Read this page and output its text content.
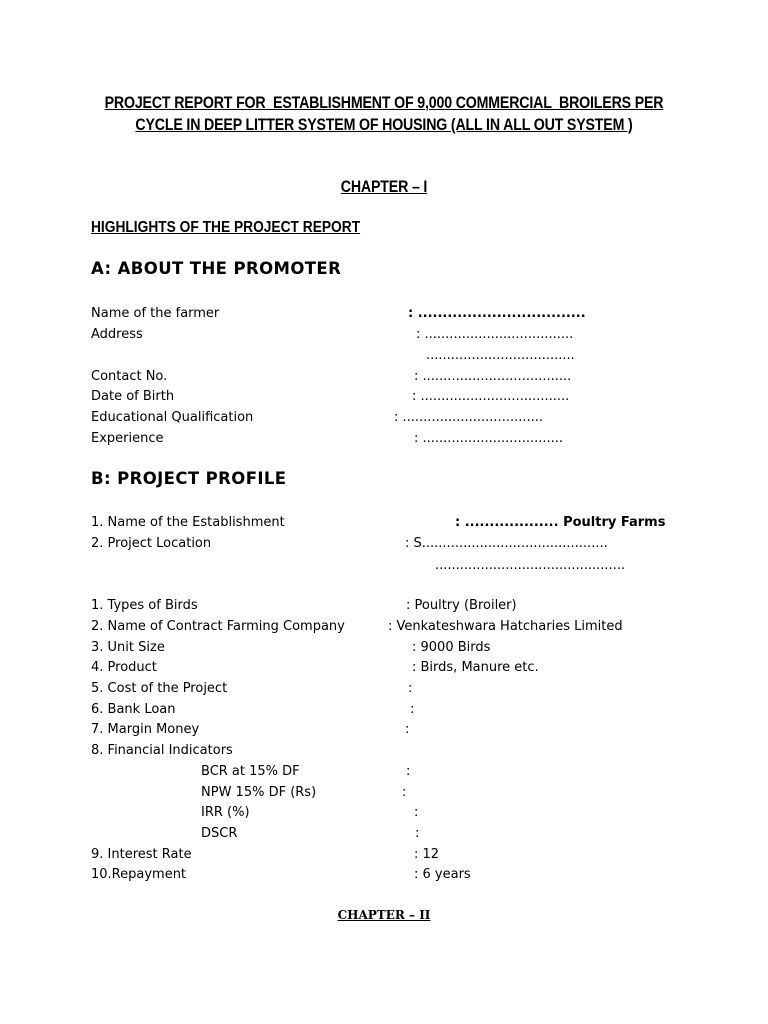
PROJECT REPORT FOR  ESTABLISHMENT OF 9,000 COMMERCIAL  BROILERS PER
CYCLE IN DEEP LITTER SYSTEM OF HOUSING (ALL IN ALL OUT SYSTEM )
CHAPTER – I
HIGHLIGHTS OF THE PROJECT REPORT
A: ABOUT THE PROMOTER
Name of the farmer	: ..................................
Address	: ....................................
....................................
Contact No.	: ....................................
Date of Birth	: ....................................
Educational Qualification	: ..................................
Experience	: ..................................
B: PROJECT PROFILE
1. Name of the Establishment	: ................... Poultry Farms
2. Project Location	: S.............................................
..............................................
1. Types of Birds	: Poultry (Broiler)
2. Name of Contract Farming Company	: Venkateshwara Hatcharies Limited
3. Unit Size	: 9000 Birds
4. Product	: Birds, Manure etc.
5. Cost of the Project	:
6. Bank Loan	:
7. Margin Money	:
8. Financial Indicators
BCR at 15% DF	:
NPW 15% DF (Rs)	:
IRR (%)	:
DSCR	:
9. Interest Rate	: 12
10.Repayment	: 6 years
CHAPTER – II
